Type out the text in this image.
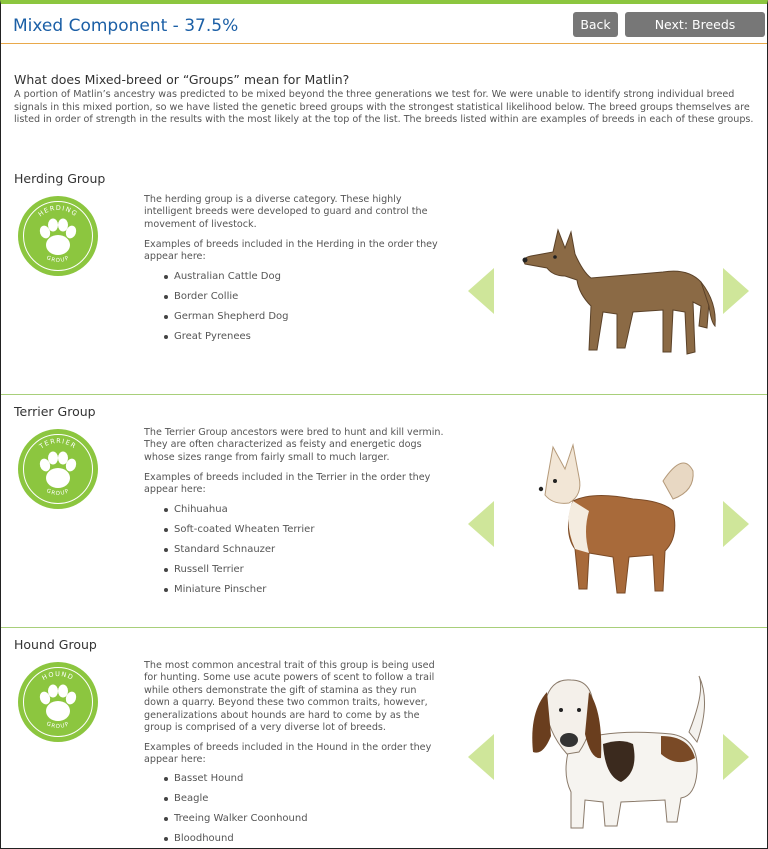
Mixed Component - 37.5%	Back	Next: Breeds Analyzed
What does Mixed-breed or “Groups” mean for Matlin?

A portion of Matlin’s ancestry was predicted to be mixed beyond the three generations we test for. We were unable to identify strong individual breed signals in this mixed portion, so we have listed the genetic breed groups with the strongest statistical likelihood below. The breed groups themselves are listed in order of strength in the results with the most likely at the top of the list. The breeds listed within are examples of breeds in each of these groups.

Herding Group
HERDING
GROUP
The herding group is a diverse category. These highly intelligent breeds were developed to guard and control the movement of livestock.
Examples of breeds included in the Herding in the order they appear here:
Australian Cattle Dog
Border Collie
German Shepherd Dog
Great Pyrenees
Terrier Group
TERRIER
GROUP
The Terrier Group ancestors were bred to hunt and kill vermin. They are often characterized as feisty and energetic dogs whose sizes range from fairly small to much larger.
Examples of breeds included in the Terrier in the order they appear here:
Chihuahua
Soft-coated Wheaten Terrier
Standard Schnauzer
Russell Terrier
Miniature Pinscher
Hound Group
HOUND
GROUP
The most common ancestral trait of this group is being used for hunting. Some use acute powers of scent to follow a trail while others demonstrate the gift of stamina as they run down a quarry. Beyond these two common traits, however, generalizations about hounds are hard to come by as the group is comprised of a very diverse lot of breeds.
Examples of breeds included in the Hound in the order they appear here:
Basset Hound
Beagle
Treeing Walker Coonhound
Bloodhound
